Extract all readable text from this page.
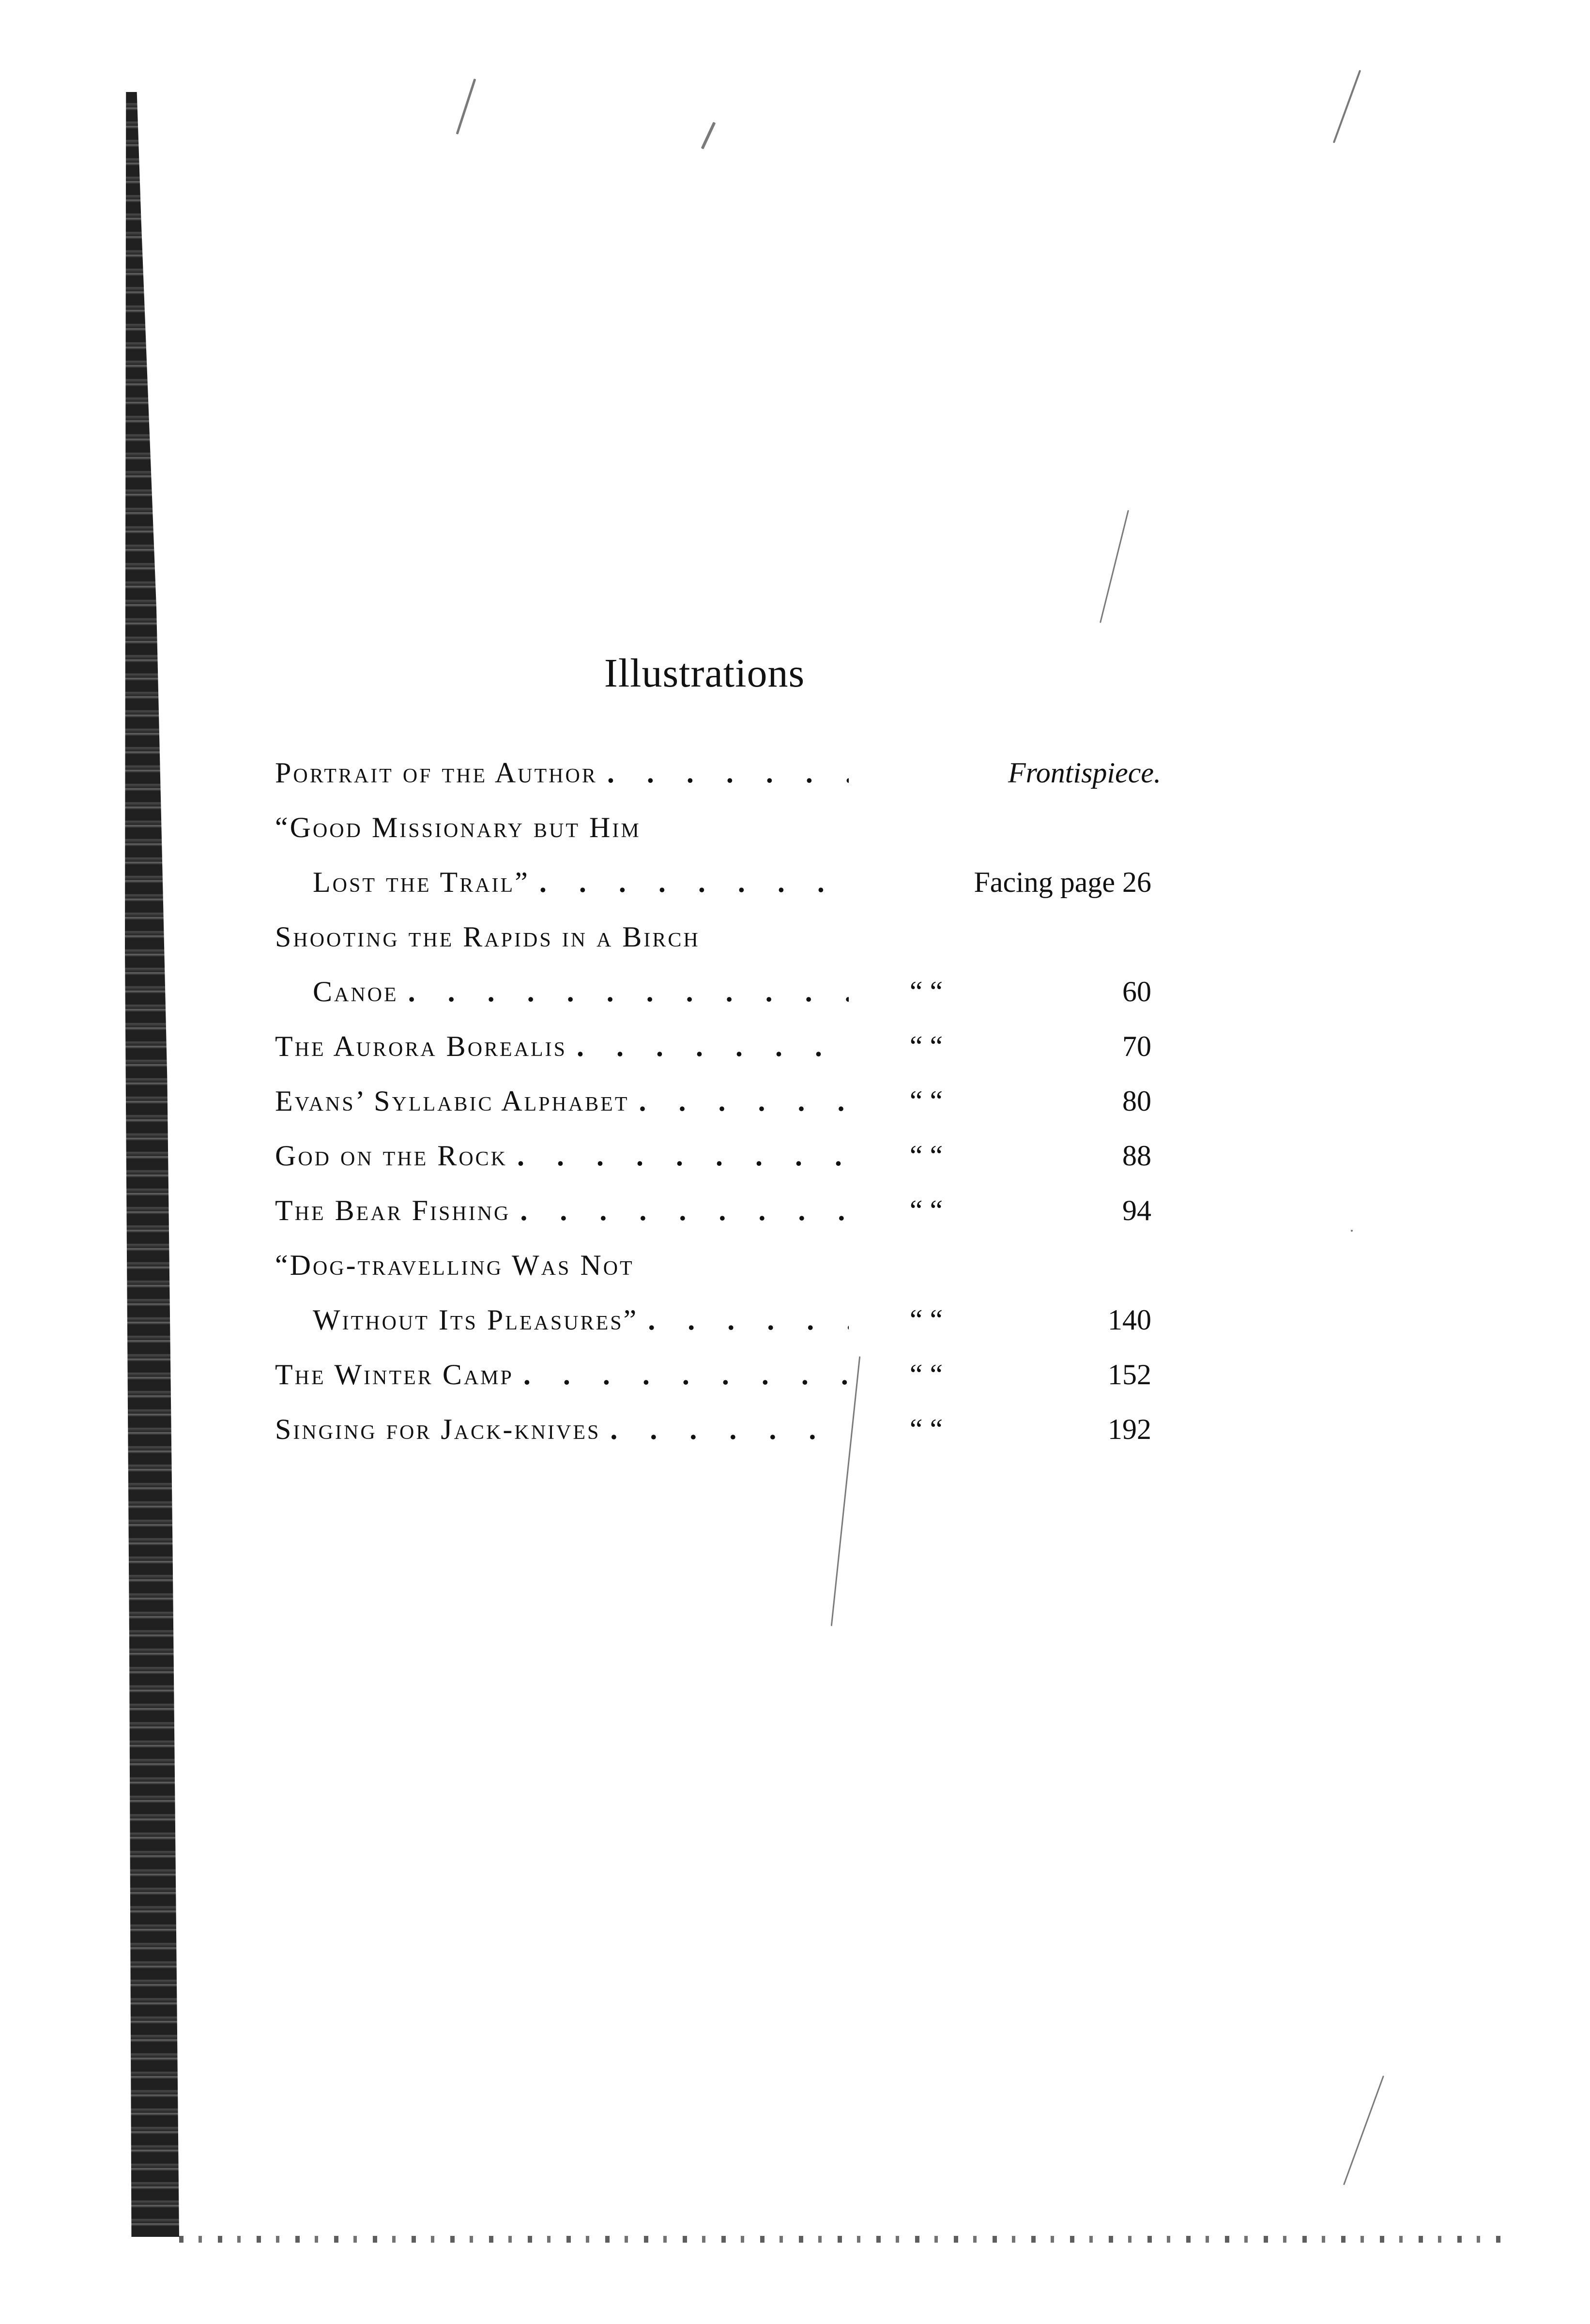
Illustrations
Portrait of the Author . . .	Frontispiece.
“Good Missionary but Him
Lost the Trail” . . .	Facing page 26
Shooting the Rapids in a Birch
Canoe . . .	“ “	60
The Aurora Borealis . . .	“ “	70
Evans’ Syllabic Alphabet . . .	“ “	80
God on the Rock . . .	“ “	88
The Bear Fishing . . .	“ “	94
“Dog-travelling Was Not
Without Its Pleasures” . . .	“ “	140
The Winter Camp . . .	“ “	152
Singing for Jack-knives . . .	“ “	192
